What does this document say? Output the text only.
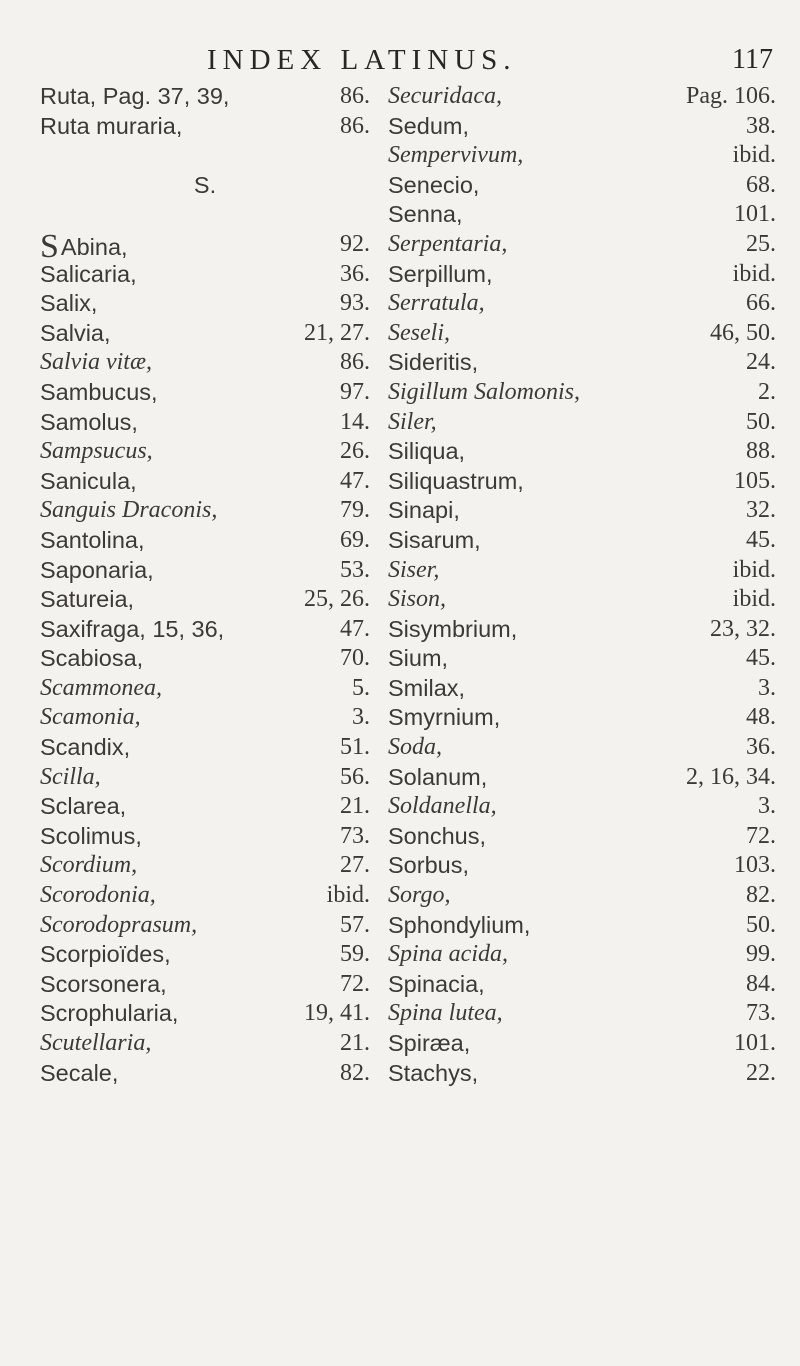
INDEX LATINUS.	117
Ruta, Pag. 37, 39,	86.
Ruta muraria,	86.
S.
SAbina,	92.
Salicaria,	36.
Salix,	93.
Salvia,	21, 27.
Salvia vitæ,	86.
Sambucus,	97.
Samolus,	14.
Sampsucus,	26.
Sanicula,	47.
Sanguis Draconis,	79.
Santolina,	69.
Saponaria,	53.
Satureia,	25, 26.
Saxifraga, 15, 36,	47.
Scabiosa,	70.
Scammonea,	5.
Scamonia,	3.
Scandix,	51.
Scilla,	56.
Sclarea,	21.
Scolimus,	73.
Scordium,	27.
Scorodonia,	ibid.
Scorodoprasum,	57.
Scorpioïdes,	59.
Scorsonera,	72.
Scrophularia,	19, 41.
Scutellaria,	21.
Secale,	82.
Securidaca,	Pag. 106.
Sedum,	38.
Sempervivum,	ibid.
Senecio,	68.
Senna,	101.
Serpentaria,	25.
Serpillum,	ibid.
Serratula,	66.
Seseli,	46, 50.
Sideritis,	24.
Sigillum Salomonis,	2.
Siler,	50.
Siliqua,	88.
Siliquastrum,	105.
Sinapi,	32.
Sisarum,	45.
Siser,	ibid.
Sison,	ibid.
Sisymbrium,	23, 32.
Sium,	45.
Smilax,	3.
Smyrnium,	48.
Soda,	36.
Solanum,	2, 16, 34.
Soldanella,	3.
Sonchus,	72.
Sorbus,	103.
Sorgo,	82.
Sphondylium,	50.
Spina acida,	99.
Spinacia,	84.
Spina lutea,	73.
Spiræa,	101.
Stachys,	22.
